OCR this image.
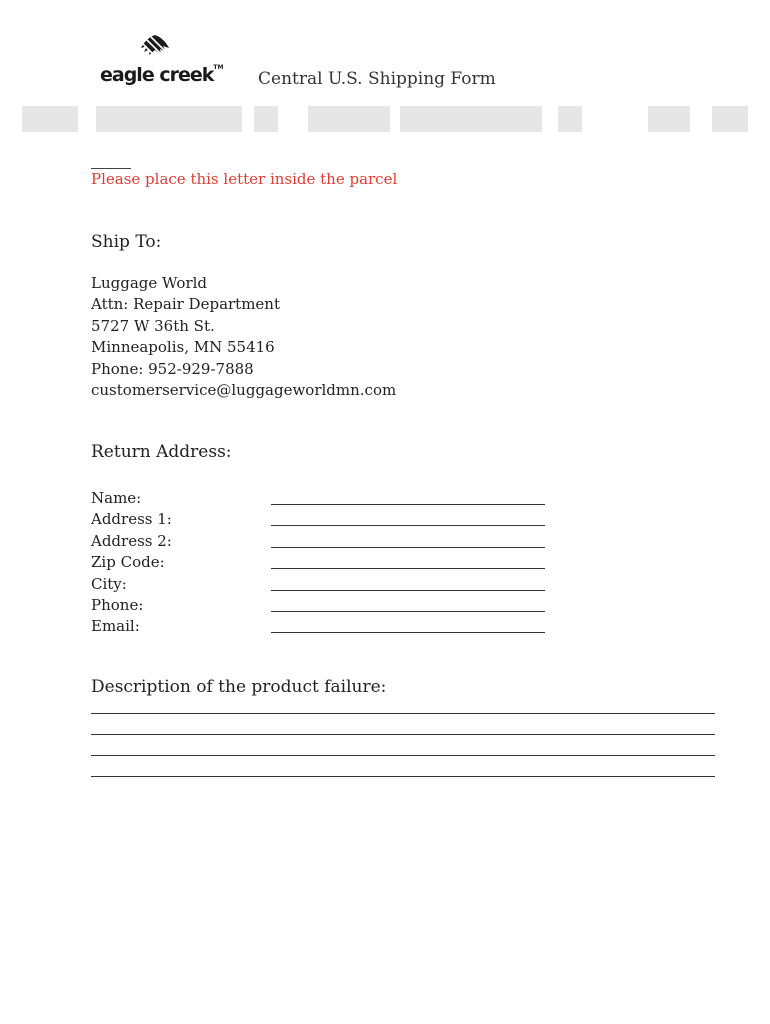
eagle creek™
Central U.S. Shipping Form
Please place this letter inside the parcel
Ship To:
Luggage World
Attn: Repair Department
5727 W 36th St.
Minneapolis, MN 55416
Phone: 952-929-7888
customerservice@luggageworldmn.com
Return Address:
Name:
Address 1:
Address 2:
Zip Code:
City:
Phone:
Email:
Description of the product failure:
